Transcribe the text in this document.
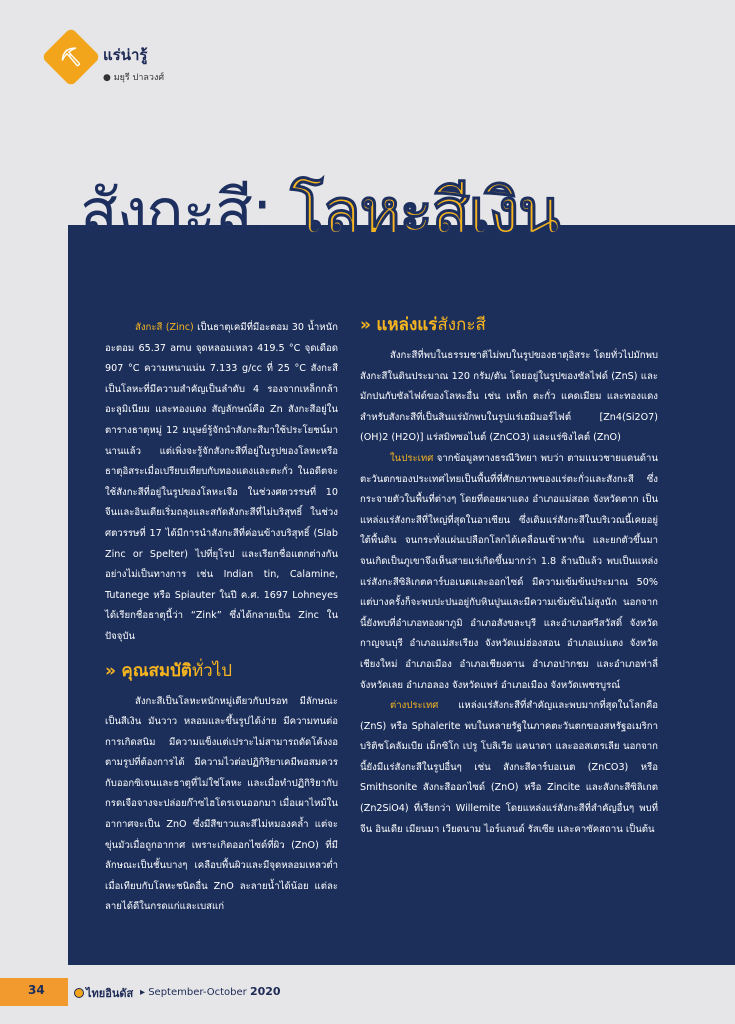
⛏	แร่น่ารู้
● มยุรี ปาลวงศ์
สังกะสี: โลหะสีเงิน

สังกะสี (Zinc) เป็นธาตุเคมีที่มีอะตอม 30 น้ำหนักอะตอม 65.37 amu จุดหลอมเหลว 419.5 °C จุดเดือด 907 °C ความหนาแน่น 7.133 g/cc ที่ 25 °C สังกะสีเป็นโลหะที่มีความสำคัญเป็นลำดับ 4 รองจากเหล็กกล้า อะลูมิเนียม และทองแดง สัญลักษณ์คือ Zn สังกะสีอยู่ในตารางธาตุหมู่ 12 มนุษย์รู้จักนำสังกะสีมาใช้ประโยชน์มานานแล้ว แต่เพิ่งจะรู้จักสังกะสีที่อยู่ในรูปของโลหะหรือธาตุอิสระเมื่อเปรียบเทียบกับทองแดงและตะกั่ว ในอดีตจะใช้สังกะสีที่อยู่ในรูปของโลหะเจือ ในช่วงศตวรรษที่ 10 จีนและอินเดียเริ่มถลุงและสกัดสังกะสีที่ไม่บริสุทธิ์ ในช่วงศตวรรษที่ 17 ได้มีการนำสังกะสีที่ค่อนข้างบริสุทธิ์ (Slab Zinc or Spelter) ไปที่ยุโรป และเรียกชื่อแตกต่างกันอย่างไม่เป็นทางการ เช่น Indian tin, Calamine, Tutanege หรือ Spiauter ในปี ค.ศ. 1697 Lohneyes ได้เรียกชื่อธาตุนี้ว่า “Zink” ซึ่งได้กลายเป็น Zinc ในปัจจุบัน

» คุณสมบัติทั่วไป

สังกะสีเป็นโลหะหนักหมู่เดียวกับปรอท มีลักษณะเป็นสีเงิน มันวาว หลอมและขึ้นรูปได้ง่าย มีความทนต่อการเกิดสนิม มีความแข็งแต่เปราะไม่สามารถดัดโค้งงอตามรูปที่ต้องการได้ มีความไวต่อปฏิกิริยาเคมีพอสมควรกับออกซิเจนและธาตุที่ไม่ใช่โลหะ และเมื่อทำปฏิกิริยากับกรดเจือจางจะปล่อยก๊าซไฮโดรเจนออกมา เมื่อเผาไหม้ในอากาศจะเป็น ZnO ซึ่งมีสีขาวและสีไม่หมองคล้ำ แต่จะขุ่นมัวเมื่อถูกอากาศ เพราะเกิดออกไซด์ที่ผิว (ZnO) ที่มีลักษณะเป็นชั้นบางๆ เคลือบพื้นผิวและมีจุดหลอมเหลวต่ำเมื่อเทียบกับโลหะชนิดอื่น ZnO ละลายน้ำได้น้อย แต่ละลายได้ดีในกรดแก่และเบสแก่

» แหล่งแร่สังกะสี

สังกะสีที่พบในธรรมชาติไม่พบในรูปของธาตุอิสระ โดยทั่วไปมักพบสังกะสีในดินประมาณ 120 กรัม/ตัน โดยอยู่ในรูปของซัลไฟด์ (ZnS) และมักปนกับซัลไฟด์ของโลหะอื่น เช่น เหล็ก ตะกั่ว แคดเมียม และทองแดง สำหรับสังกะสีที่เป็นสินแร่มักพบในรูปแร่เฮมิมอร์ไฟต์ [Zn4(Si2O7) (OH)2 (H2O)] แร่สมิทซอไนต์ (ZnCO3) และแร่ซิงไคต์ (ZnO)

ในประเทศ จากข้อมูลทางธรณีวิทยา พบว่า ตามแนวชายแดนด้านตะวันตกของประเทศไทยเป็นพื้นที่ที่ศักยภาพของแร่ตะกั่วและสังกะสี ซึ่งกระจายตัวในพื้นที่ต่างๆ โดยที่ดอยผาแดง อำเภอแม่สอด จังหวัดตาก เป็นแหล่งแร่สังกะสีที่ใหญ่ที่สุดในอาเซียน ซึ่งเดิมแร่สังกะสีในบริเวณนี้เคยอยู่ใต้พื้นดิน จนกระทั่งแผ่นเปลือกโลกได้เคลื่อนเข้าหากัน และยกตัวขึ้นมา จนเกิดเป็นภูเขาจึงเห็นสายแร่เกิดขึ้นมากว่า 1.8 ล้านปีแล้ว พบเป็นแหล่งแร่สังกะสีซิลิเกตคาร์บอเนตและออกไซด์ มีความเข้มข้นประมาณ 50% แต่บางครั้งก็จะพบปะปนอยู่กับหินปูนและมีความเข้มข้นไม่สูงนัก นอกจากนี้ยังพบที่อำเภอทองผาภูมิ อำเภอสังขละบุรี และอำเภอศรีสวัสดิ์ จังหวัดกาญจนบุรี อำเภอแม่สะเรียง จังหวัดแม่ฮ่องสอน อำเภอแม่แตง จังหวัดเชียงใหม่ อำเภอเมือง อำเภอเชียงคาน อำเภอปากชม และอำเภอท่าลี่ จังหวัดเลย อำเภอลอง จังหวัดแพร่ อำเภอเมือง จังหวัดเพชรบูรณ์

ต่างประเทศ แหล่งแร่สังกะสีที่สำคัญและพบมากที่สุดในโลกคือ (ZnS) หรือ Sphalerite พบในหลายรัฐในภาคตะวันตกของสหรัฐอเมริกา บริติชโคลัมเบีย เม็กซิโก เปรู โบลิเวีย แคนาดา และออสเตรเลีย นอกจากนี้ยังมีแร่สังกะสีในรูปอื่นๆ เช่น สังกะสีคาร์บอเนต (ZnCO3) หรือ Smithsonite สังกะสีออกไซด์ (ZnO) หรือ Zincite และสังกะสีซิลิเกต (Zn2SiO4) ที่เรียกว่า Willemite โดยแหล่งแร่สังกะสีที่สำคัญอื่นๆ พบที่จีน อินเดีย เมียนมา เวียดนาม ไอร์แลนด์ รัสเซีย และคาซัคสถาน เป็นต้น

34	ไทยอินดัส ▸ September-October 2020
